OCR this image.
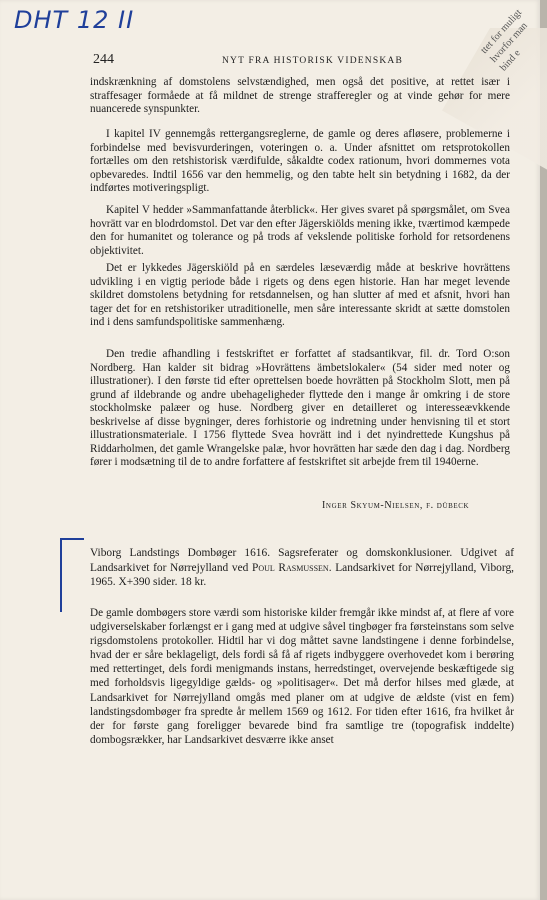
ttet for muligt
hvorfor man
bind e
DHT 12 II
244	NYT FRA HISTORISK VIDENSKAB

indskrænkning af domstolens selvstændighed, men også det positive, at rettet især i straffesager formåede at få mildnet de strenge strafferegler og at vinde gehør for mere nuancerede synspunkter.

I kapitel IV gennemgås rettergangsreglerne, de gamle og deres afløsere, problemerne i forbindelse med bevisvurderingen, voteringen o. a. Under afsnittet om retsprotokollen fortælles om den retshistorisk værdifulde, såkaldte codex rationum, hvori dommernes vota opbevaredes. Indtil 1656 var den hemmelig, og den tabte helt sin betydning i 1682, da der indførtes motiveringspligt.

Kapitel V hedder »Sammanfattande återblick«. Her gives svaret på spørgsmålet, om Svea hovrätt var en blodrdomstol. Det var den efter Jägerskiölds mening ikke, tværtimod kæmpede den for humanitet og tolerance og på trods af vekslende politiske forhold for retsordenens objektivitet.

Det er lykkedes Jägerskiöld på en særdeles læseværdig måde at beskrive hovrättens udvikling i en vigtig periode både i rigets og dens egen historie. Han har meget levende skildret domstolens betydning for retsdannelsen, og han slutter af med et afsnit, hvori han tager det for en retshistoriker utraditionelle, men såre interessante skridt at sætte domstolen ind i dens samfundspolitiske sammenhæng.

Den tredie afhandling i festskriftet er forfattet af stadsantikvar, fil. dr. Tord O:son Nordberg. Han kalder sit bidrag »Hovrättens ämbetslokaler« (54 sider med noter og illustrationer). I den første tid efter oprettelsen boede hovrätten på Stockholm Slott, men på grund af ildebrande og andre ubehageligheder flyttede den i mange år omkring i de store stockholmske palæer og huse. Nordberg giver en detailleret og interesseævkkende beskrivelse af disse bygninger, deres forhistorie og indretning under henvisning til et stort illustrationsmateriale. I 1756 flyttede Svea hovrätt ind i det nyindrettede Kungshus på Riddarholmen, det gamle Wrangelske palæ, hvor hovrätten har sæde den dag i dag. Nordberg fører i modsætning til de to andre forfattere af festskriftet sit arbejde frem til 1940erne.

Inger Skyum-Nielsen, f. dübeck
Viborg Landstings Dombøger 1616. Sagsreferater og domskonklusioner. Udgivet af Landsarkivet for Nørrejylland ved Poul Rasmussen. Landsarkivet for Nørrejylland, Viborg, 1965. X+390 sider. 18 kr.

De gamle dombøgers store værdi som historiske kilder fremgår ikke mindst af, at flere af vore udgiverselskaber forlængst er i gang med at udgive såvel tingbøger fra førsteinstans som selve rigsdomstolens protokoller. Hidtil har vi dog måttet savne landstingene i denne forbindelse, hvad der er såre beklageligt, dels fordi så få af rigets indbyggere overhovedet kom i berøring med rettertinget, dels fordi menigmands instans, herredstinget, overvejende beskæftigede sig med forholdsvis ligegyldige gælds- og »politisager«. Det må derfor hilses med glæde, at Landsarkivet for Nørrejylland omgås med planer om at udgive de ældste (vist en fem) landstingsdombøger fra spredte år mellem 1569 og 1612. For tiden efter 1616, fra hvilket år der for første gang foreligger bevarede bind fra samtlige tre (topografisk inddelte) dombogsrækker, har Landsarkivet desværre ikke anset
